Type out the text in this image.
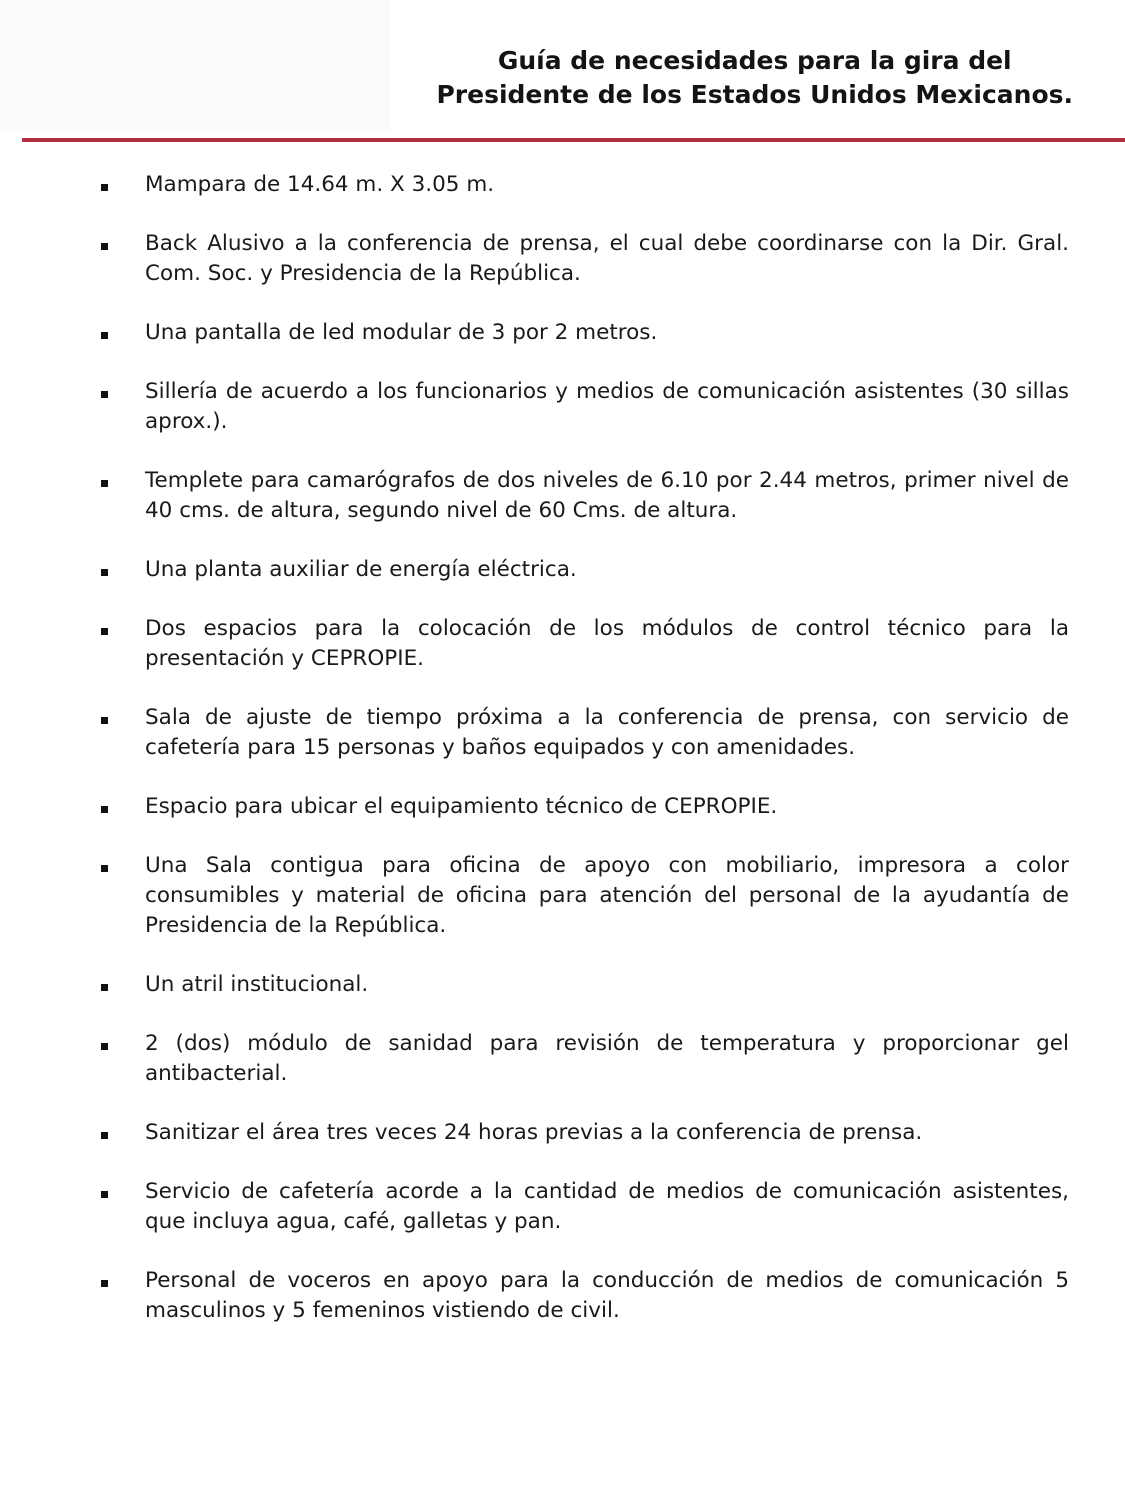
Guía de necesidades para la gira del
Presidente de los Estados Unidos Mexicanos.
Mampara de 14.64 m. X 3.05 m.
Back Alusivo a la conferencia de prensa, el cual debe coordinarse con la Dir. Gral. Com. Soc. y Presidencia de la República.
Una pantalla de led modular de 3 por 2 metros.
Sillería de acuerdo a los funcionarios y medios de comunicación asistentes (30 sillas aprox.).
Templete para camarógrafos de dos niveles de 6.10 por 2.44 metros, primer nivel de 40 cms. de altura, segundo nivel de 60 Cms. de altura.
Una planta auxiliar de energía eléctrica.
Dos espacios para la colocación de los módulos de control técnico para la presentación y CEPROPIE.
Sala de ajuste de tiempo próxima a la conferencia de prensa, con servicio de cafetería para 15 personas y baños equipados y con amenidades.
Espacio para ubicar el equipamiento técnico de CEPROPIE.
Una Sala contigua para oficina de apoyo con mobiliario, impresora a color consumibles y material de oficina para atención del personal de la ayudantía de Presidencia de la República.
Un atril institucional.
2 (dos) módulo de sanidad para revisión de temperatura y proporcionar gel antibacterial.
Sanitizar el área tres veces 24 horas previas a la conferencia de prensa.
Servicio de cafetería acorde a la cantidad de medios de comunicación asistentes, que incluya agua, café, galletas y pan.
Personal de voceros en apoyo para la conducción de medios de comunicación 5 masculinos y 5 femeninos vistiendo de civil.
